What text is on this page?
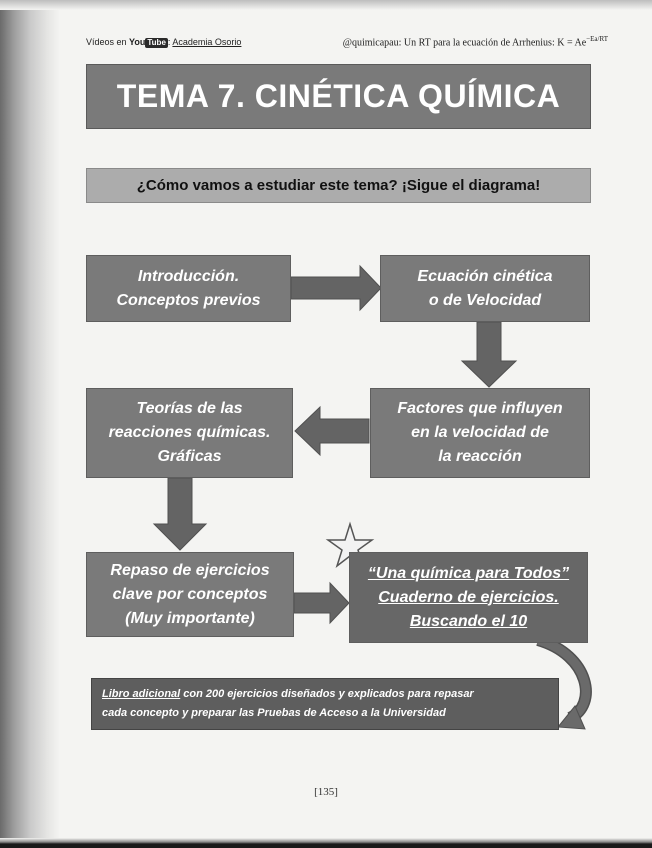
Vídeos en You Tube : Academia Osorio	@quimicapau: Un RT para la ecuación de Arrhenius: $K = Ae^{-Ea/RT}$
TEMA 7. CINÉTICA QUÍMICA
¿Cómo vamos a estudiar este tema? ¡Sigue el diagrama!
Introducción.
Conceptos previos
Ecuación cinética
o de Velocidad
Factores que influyen
en la velocidad de
la reacción
Teorías de las
reacciones químicas.
Gráficas
Repaso de ejercicios
clave por conceptos
(Muy importante)
“Una química para Todos”
Cuaderno de ejercicios.
Buscando el 10
Libro adicional con 200 ejercicios diseñados y explicados para repasar
cada concepto y preparar las Pruebas de Acceso a la Universidad
[135]
